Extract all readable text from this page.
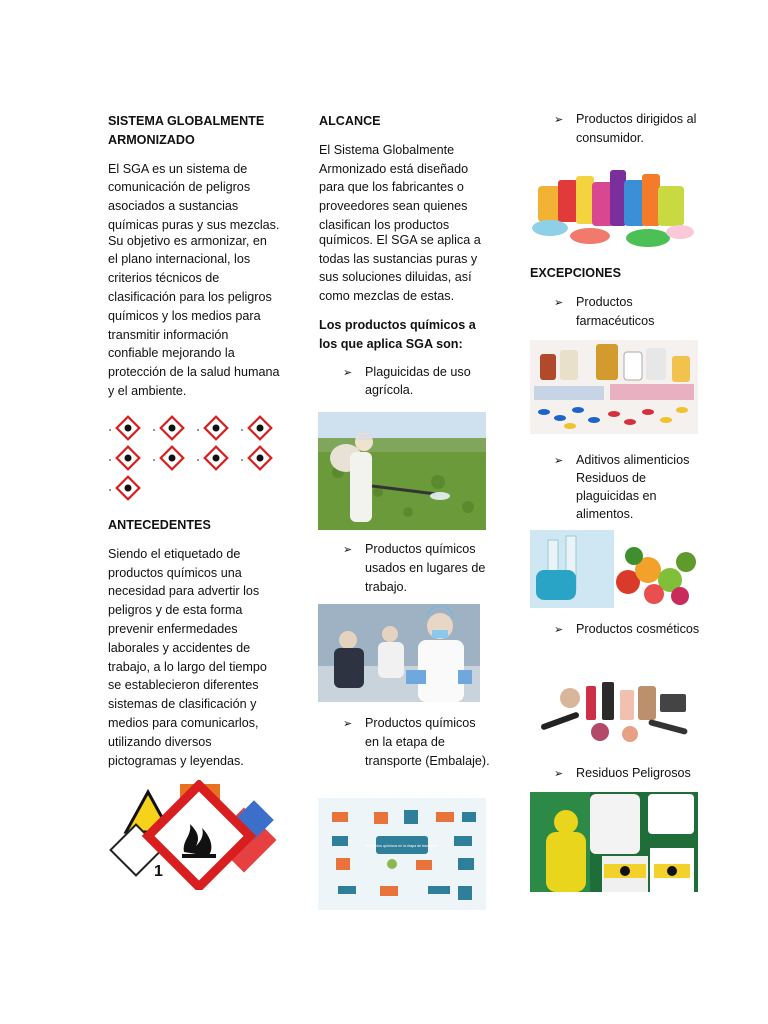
SISTEMA GLOBALMENTE ARMONIZADO

El SGA es un sistema de comunicación de peligros asociados a sustancias químicas puras y sus mezclas.

Su objetivo es armonizar, en el plano internacional, los criterios técnicos de clasificación para los peligros químicos y los medios para transmitir información confiable mejorando la protección de la salud humana y el ambiente.

ANTECEDENTES

Siendo el etiquetado de productos químicos una necesidad para advertir los peligros y de esta forma prevenir enfermedades laborales y accidentes de trabajo, a lo largo del tiempo se establecieron diferentes sistemas de clasificación y medios para comunicarlos, utilizando diversos pictogramas y leyendas.

1

ALCANCE

El Sistema Globalmente Armonizado está diseñado para que los fabricantes o proveedores sean quienes clasifican los productos

químicos. El SGA se aplica a todas las sustancias puras y sus soluciones diluidas, así como mezclas de estas.

Los productos químicos a los que aplica SGA son:

➢	Plaguicidas de uso agrícola.
➢	Productos químicos usados en lugares de trabajo.
➢	Productos químicos en la etapa de transporte (Embalaje).
Productos químicos en la etapa de transporte
➢	Productos dirigidos al consumidor.

EXCEPCIONES

➢	Productos farmacéuticos
➢	Aditivos alimenticios
Residuos de plaguicidas en alimentos.
➢	Productos cosméticos
➢	Residuos Peligrosos
